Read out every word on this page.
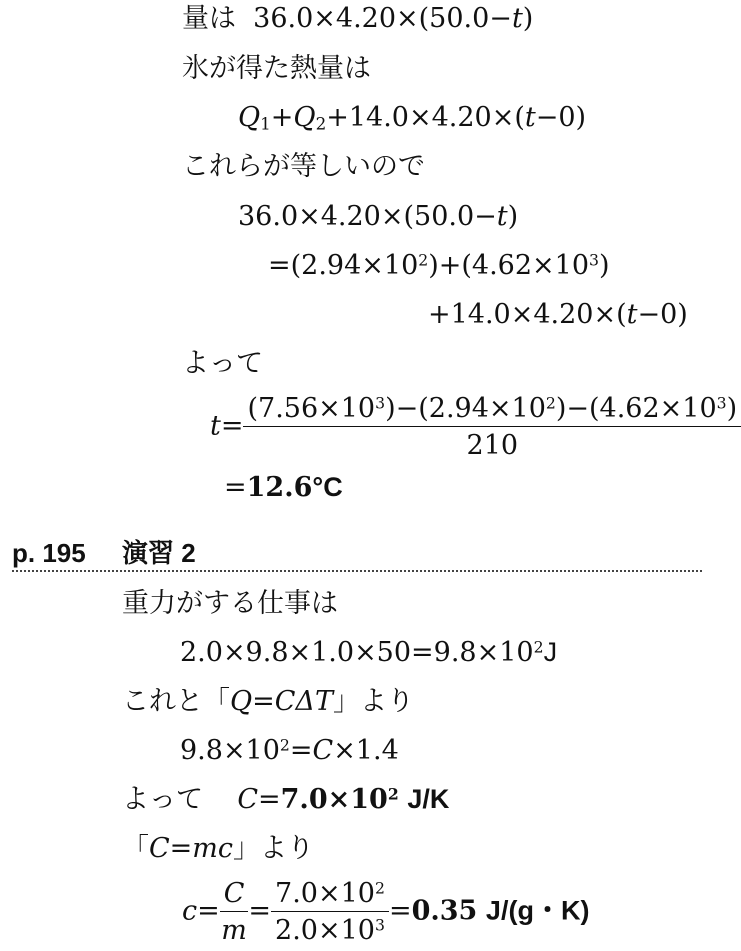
量は 36.0×4.20×(50.0−t)
氷が得た熱量は
$Q_1+Q_2+14.0\times 4.20\times(t-0)$
これらが等しいので
36.0×4.20×(50.0−t)
$=(2.94\times 10^2)+(4.62\times 10^3)$
+14.0×4.20×(t−0)
よって
$t= \frac{(7.56\times 10^3)-(2.94\times 10^2)-(4.62\times 10^3)}{210}$
=12.6°C
p. 195 演習 2
重力がする仕事は
$2.0\times 9.8\times 1.0\times 50=9.8\times 10^2J$
これと「Q=CΔT」より
$9.8\times 10^2=C\times 1.4$
よって $C=7.0\times 10^2$ J/K
「C=mc」より
$c= \frac{C}{m} = \frac{7.0\times 10^2}{2.0\times 10^3} =0.35$ J/(g・K)
